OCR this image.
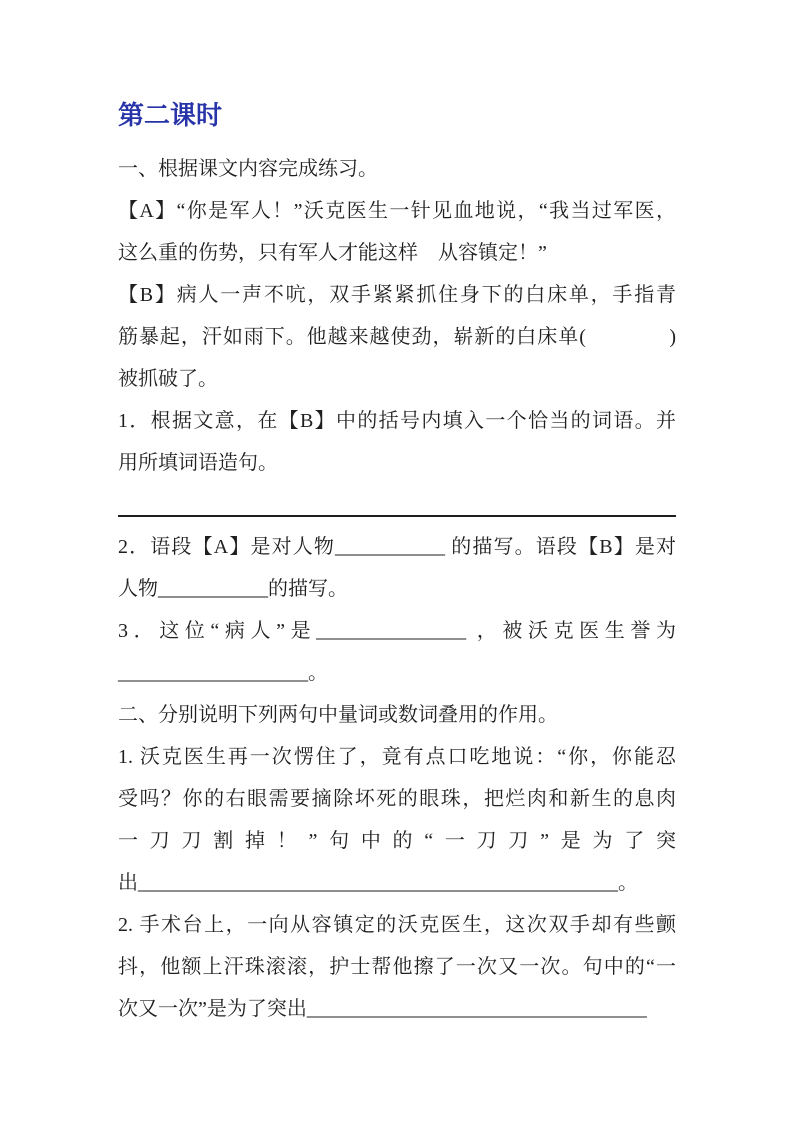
第二课时
一、根据课文内容完成练习。
【A】“你是军人！”沃克医生一针见血地说，“我当过军医，
这么重的伤势，只有军人才能这样　从容镇定！”
【B】病人一声不吭，双手紧紧抓住身下的白床单，手指青
筋暴起，汗如雨下。他越来越使劲，崭新的白床单(              )
被抓破了。
1．根据文意，在【B】中的括号内填入一个恰当的词语。并
用所填词语造句。
2．语段【A】是对人物___________ 的描写。语段【B】是对
人物___________的描写。
3．这位“病人”是_______________ ，被沃克医生誉为
___________________。
二、分别说明下列两句中量词或数词叠用的作用。
1. 沃克医生再一次愣住了，竟有点口吃地说：“你，你能忍
受吗？你的右眼需要摘除坏死的眼珠，把烂肉和新生的息肉
一刀刀割掉！”句中的“一刀刀”是为了突
出________________________________________________。
2. 手术台上，一向从容镇定的沃克医生，这次双手却有些颤
抖，他额上汗珠滚滚，护士帮他擦了一次又一次。句中的“一
次又一次”是为了突出__________________________________
